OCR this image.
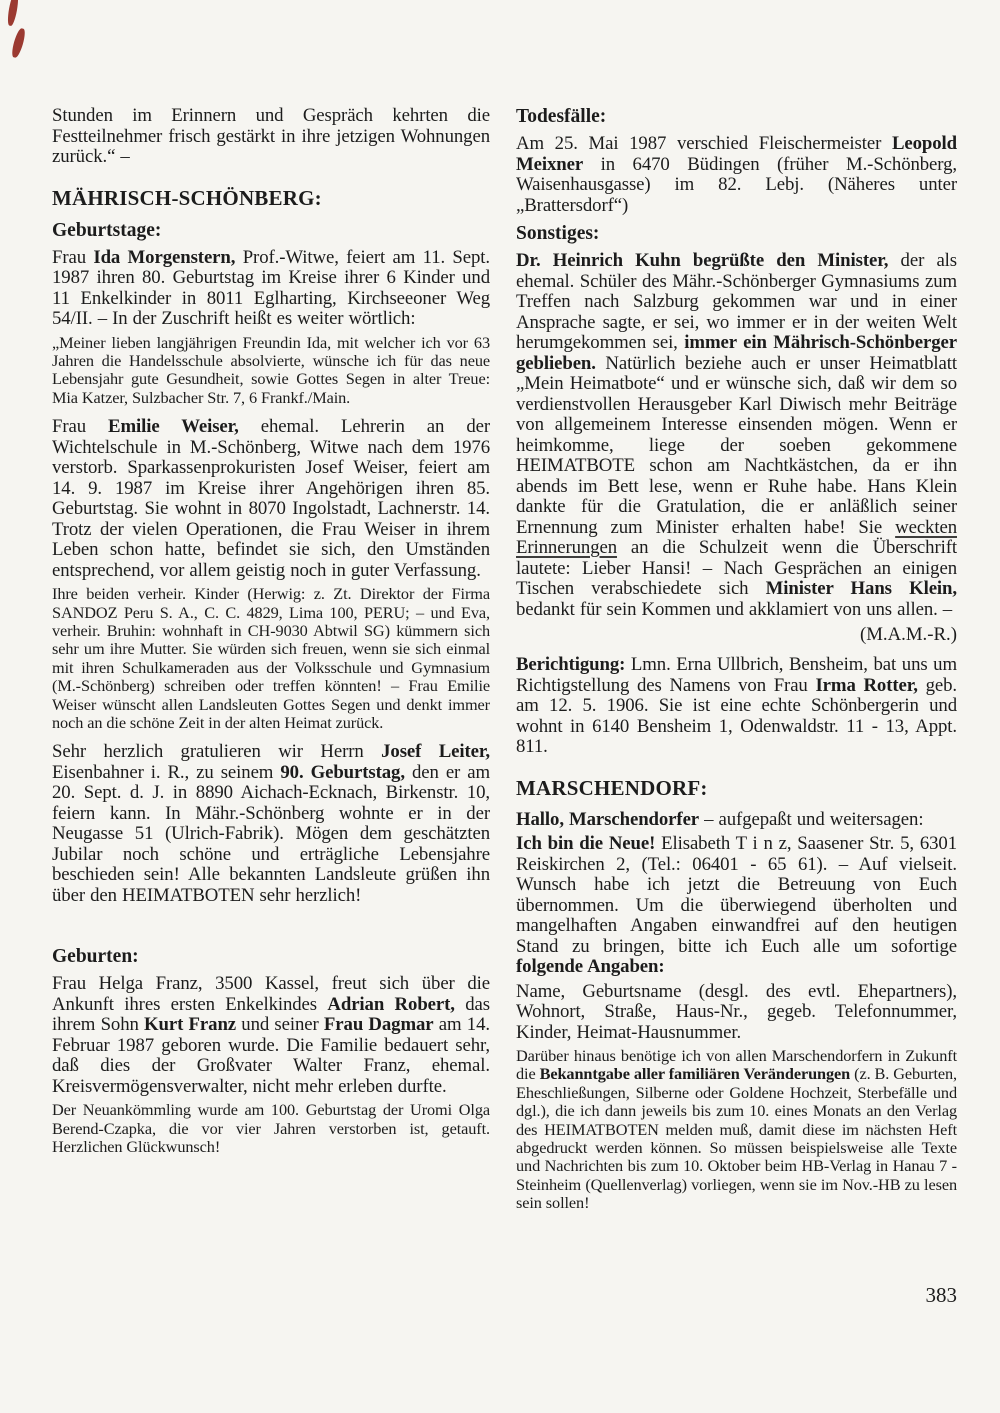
Stunden im Erinnern und Gespräch kehrten die Festteilnehmer frisch gestärkt in ihre jetzigen Wohnungen zurück.“ –

MÄHRISCH-SCHÖNBERG:
Geburtstage:

Frau Ida Morgenstern, Prof.-Witwe, feiert am 11. Sept. 1987 ihren 80. Geburtstag im Kreise ihrer 6 Kinder und 11 Enkelkinder in 8011 Eglharting, Kirchseeoner Weg 54/II. – In der Zuschrift heißt es weiter wörtlich:

„Meiner lieben langjährigen Freundin Ida, mit welcher ich vor 63 Jahren die Handelsschule absolvierte, wünsche ich für das neue Lebensjahr gute Gesundheit, sowie Gottes Segen in alter Treue: Mia Katzer, Sulzbacher Str. 7, 6 Frankf./Main.

Frau Emilie Weiser, ehemal. Lehrerin an der Wichtelschule in M.-Schönberg, Witwe nach dem 1976 verstorb. Sparkassenprokuristen Josef Weiser, feiert am 14. 9. 1987 im Kreise ihrer Angehörigen ihren 85. Geburtstag. Sie wohnt in 8070 Ingolstadt, Lachnerstr. 14. Trotz der vielen Operationen, die Frau Weiser in ihrem Leben schon hatte, befindet sie sich, den Umständen entsprechend, vor allem geistig noch in guter Verfassung.

Ihre beiden verheir. Kinder (Herwig: z. Zt. Direktor der Firma SANDOZ Peru S. A., C. C. 4829, Lima 100, PERU; – und Eva, verheir. Bruhin: wohnhaft in CH-9030 Abtwil SG) kümmern sich sehr um ihre Mutter. Sie würden sich freuen, wenn sie sich einmal mit ihren Schulkameraden aus der Volksschule und Gymnasium (M.-Schönberg) schreiben oder treffen könnten! – Frau Emilie Weiser wünscht allen Landsleuten Gottes Segen und denkt immer noch an die schöne Zeit in der alten Heimat zurück.

Sehr herzlich gratulieren wir Herrn Josef Leiter, Eisenbahner i. R., zu seinem 90. Geburtstag, den er am 20. Sept. d. J. in 8890 Aichach-Ecknach, Birkenstr. 10, feiern kann. In Mähr.-Schönberg wohnte er in der Neugasse 51 (Ulrich-Fabrik). Mögen dem geschätzten Jubilar noch schöne und erträgliche Lebensjahre beschieden sein! Alle bekannten Landsleute grüßen ihn über den HEIMATBOTEN sehr herzlich!

Geburten:

Frau Helga Franz, 3500 Kassel, freut sich über die Ankunft ihres ersten Enkelkindes Adrian Robert, das ihrem Sohn Kurt Franz und seiner Frau Dagmar am 14. Februar 1987 geboren wurde. Die Familie bedauert sehr, daß dies der Großvater Walter Franz, ehemal. Kreisvermögensverwalter, nicht mehr erleben durfte.

Der Neuankömmling wurde am 100. Geburtstag der Uromi Olga Berend-Czapka, die vor vier Jahren verstorben ist, getauft. Herzlichen Glückwunsch!

Todesfälle:

Am 25. Mai 1987 verschied Fleischermeister Leopold Meixner in 6470 Büdingen (früher M.-Schönberg, Waisenhausgasse) im 82. Lebj. (Näheres unter „Brattersdorf“)

Sonstiges:

Dr. Heinrich Kuhn begrüßte den Minister, der als ehemal. Schüler des Mähr.-Schönberger Gymnasiums zum Treffen nach Salzburg gekommen war und in einer Ansprache sagte, er sei, wo immer er in der weiten Welt herumgekommen sei, immer ein Mährisch-Schönberger geblieben. Natürlich beziehe auch er unser Heimatblatt „Mein Heimatbote“ und er wünsche sich, daß wir dem so verdienstvollen Herausgeber Karl Diwisch mehr Beiträge von allgemeinem Interesse einsenden mögen. Wenn er heimkomme, liege der soeben gekommene HEIMATBOTE schon am Nachtkästchen, da er ihn abends im Bett lese, wenn er Ruhe habe. Hans Klein dankte für die Gratulation, die er anläßlich seiner Ernennung zum Minister erhalten habe! Sie weckten Erinnerungen an die Schulzeit wenn die Überschrift lautete: Lieber Hansi! – Nach Gesprächen an einigen Tischen verabschiedete sich Minister Hans Klein, bedankt für sein Kommen und akklamiert von uns allen. –

(M.A.M.-R.)

Berichtigung: Lmn. Erna Ullbrich, Bensheim, bat uns um Richtigstellung des Namens von Frau Irma Rotter, geb. am 12. 5. 1906. Sie ist eine echte Schönbergerin und wohnt in 6140 Bensheim 1, Odenwaldstr. 11 - 13, Appt. 811.

MARSCHENDORF:

Hallo, Marschendorfer – aufgepaßt und weitersagen:

Ich bin die Neue! Elisabeth T i n z, Saasener Str. 5, 6301 Reiskirchen 2, (Tel.: 06401 - 65 61). – Auf vielseit. Wunsch habe ich jetzt die Betreuung von Euch übernommen. Um die überwiegend überholten und mangelhaften Angaben einwandfrei auf den heutigen Stand zu bringen, bitte ich Euch alle um sofortige folgende Angaben:

Name, Geburtsname (desgl. des evtl. Ehepartners), Wohnort, Straße, Haus-Nr., gegeb. Telefonnummer, Kinder, Heimat-Hausnummer.

Darüber hinaus benötige ich von allen Marschendorfern in Zukunft die Bekanntgabe aller familiären Veränderungen (z. B. Geburten, Eheschließungen, Silberne oder Goldene Hochzeit, Sterbefälle und dgl.), die ich dann jeweils bis zum 10. eines Monats an den Verlag des HEIMATBOTEN melden muß, damit diese im nächsten Heft abgedruckt werden können. So müssen beispielsweise alle Texte und Nachrichten bis zum 10. Oktober beim HB-Verlag in Hanau 7 - Steinheim (Quellenverlag) vorliegen, wenn sie im Nov.-HB zu lesen sein sollen!

383
